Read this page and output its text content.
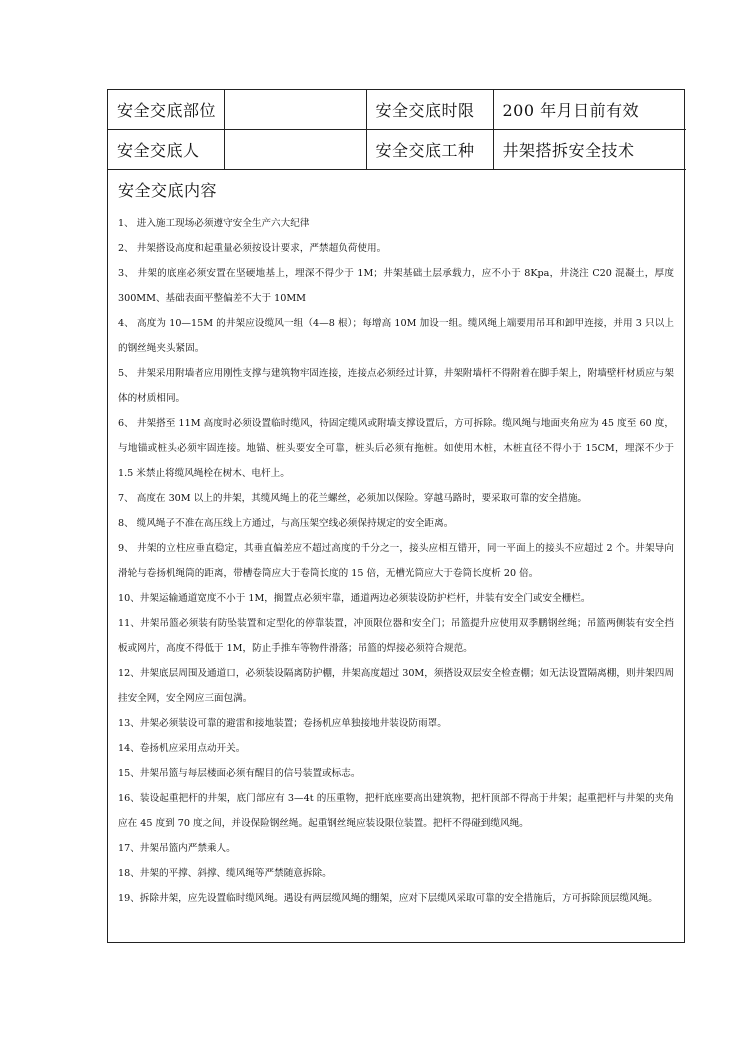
安全交底部位		安全交底时限	200 年月日前有效
安全交底人		安全交底工种	井架搭拆安全技术
安全交底内容

1、 进入施工现场必须遵守安全生产六大纪律

2、 井架搭设高度和起重量必须按设计要求，严禁超负荷使用。

3、 井架的底座必须安置在坚硬地基上，埋深不得少于 1M；井架基础土层承载力，应不小于 8Kpa，井浇注 C20 混凝土，厚度 300MM、基础表面平整偏差不大于 10MM

4、 高度为 10—15M 的井架应设缆风一组（4—8 根）；每增高 10M 加设一组。缆风绳上端要用吊耳和卸甲连接，并用 3 只以上的钢丝绳夹头紧固。

5、 井架采用附墙者应用刚性支撑与建筑物牢固连接，连接点必须经过计算，井架附墙杆不得附着在脚手架上，附墙壁杆材质应与架体的材质相同。

6、 井架搭至 11M 高度时必须设置临时缆风，待固定缆风或附墙支撑设置后，方可拆除。缆风绳与地面夹角应为 45 度至 60 度，与地锚或桩头必须牢固连接。地锚、桩头要安全可靠，桩头后必须有拖桩。如使用木桩，木桩直径不得小于 15CM，埋深不少于 1.5 米禁止将缆风绳栓在树木、电杆上。

7、 高度在 30M 以上的井架，其缆风绳上的花兰螺丝，必须加以保险。穿越马路时，要采取可靠的安全措施。

8、 缆风绳子不准在高压线上方通过，与高压架空线必须保持规定的安全距离。

9、 井架的立柱应垂直稳定，其垂直偏差应不超过高度的千分之一，接头应相互错开，同一平面上的接头不应超过 2 个。井架导向滑轮与卷扬机绳筒的距离，带槽卷筒应大于卷筒长度的 15 倍，无槽光筒应大于卷筒长度析 20 倍。

10、井架运输通道宽度不小于 1M，搁置点必须牢靠，通道两边必须装设防护栏杆，井装有安全门或安全栅栏。

11、井架吊篮必须装有防坠装置和定型化的停靠装置，冲顶限位器和安全门；吊篮提升应使用双季鹏钢丝绳；吊篮两侧装有安全挡板或网片，高度不得低于 1M，防止手推车等物件滑落；吊篮的焊接必须符合规范。

12、井架底层周围及通道口，必须装设隔离防护棚，井架高度超过 30M，须搭设双层安全检查棚；如无法设置隔离棚，则井架四周挂安全网，安全网应三面包满。

13、井架必须装设可靠的避雷和接地装置；卷扬机应单独接地井装设防雨罩。

14、卷扬机应采用点动开关。

15、井架吊篮与每层楼面必须有醒目的信号装置或标志。

16、装设起重把杆的井架，底门部应有 3—4t 的压重物，把杆底座要高出建筑物，把杆顶部不得高于井架；起重把杆与井架的夹角应在 45 度到 70 度之间，并设保险钢丝绳。起重钢丝绳应装设限位装置。把杆不得碰到缆风绳。

17、井架吊篮内严禁乘人。

18、井架的平撑、斜撑、缆风绳等严禁随意拆除。

19、拆除井架，应先设置临时缆风绳。遇设有两层缆风绳的绷架，应对下层缆风采取可靠的安全措施后，方可拆除顶层缆风绳。
